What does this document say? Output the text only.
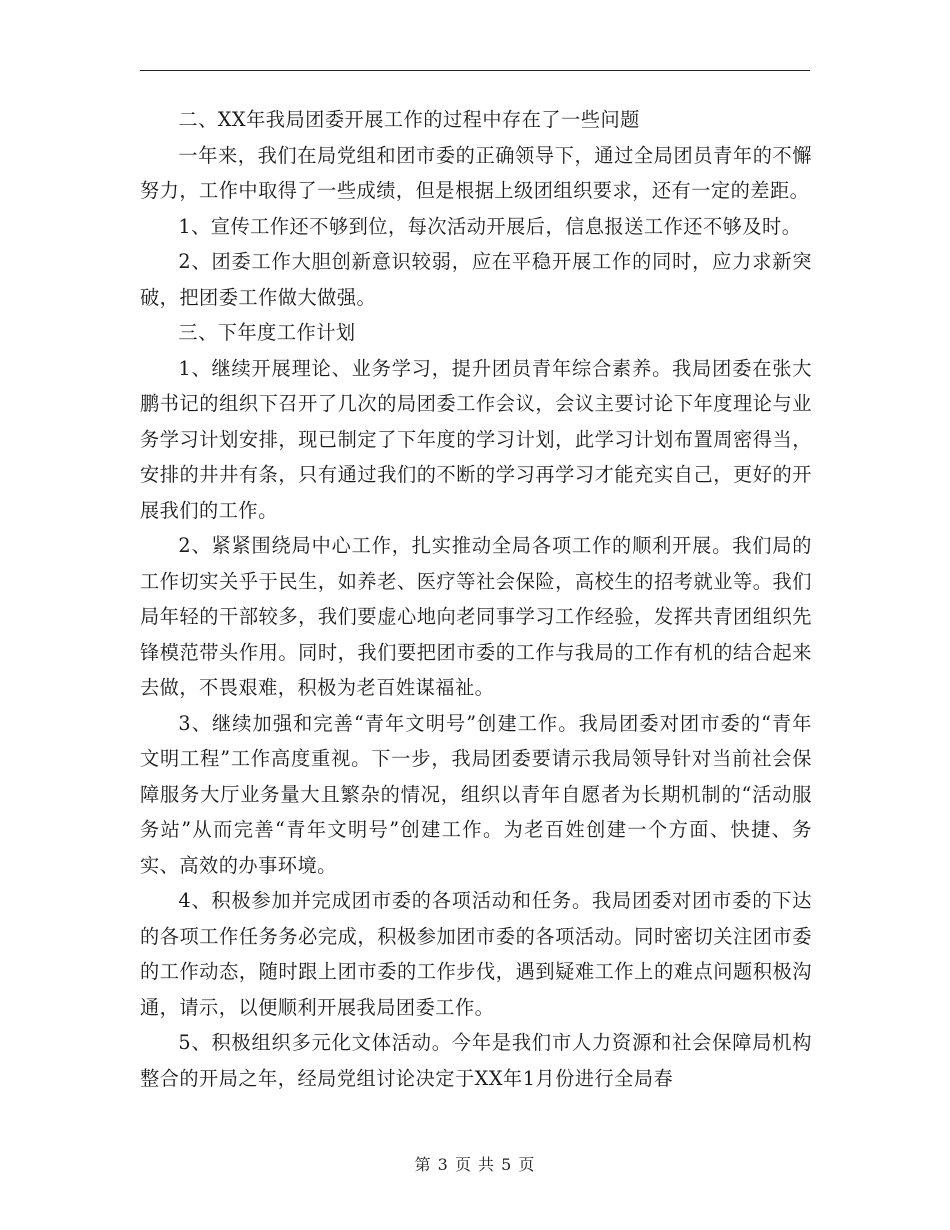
二、XX年我局团委开展工作的过程中存在了一些问题

一年来，我们在局党组和团市委的正确领导下，通过全局团员青年的不懈努力，工作中取得了一些成绩，但是根据上级团组织要求，还有一定的差距。

1、宣传工作还不够到位，每次活动开展后，信息报送工作还不够及时。

2、团委工作大胆创新意识较弱，应在平稳开展工作的同时，应力求新突破，把团委工作做大做强。

三、下年度工作计划

1、继续开展理论、业务学习，提升团员青年综合素养。我局团委在张大鹏书记的组织下召开了几次的局团委工作会议，会议主要讨论下年度理论与业务学习计划安排，现已制定了下年度的学习计划，此学习计划布置周密得当，安排的井井有条，只有通过我们的不断的学习再学习才能充实自己，更好的开展我们的工作。

2、紧紧围绕局中心工作，扎实推动全局各项工作的顺利开展。我们局的工作切实关乎于民生，如养老、医疗等社会保险，高校生的招考就业等。我们局年轻的干部较多，我们要虚心地向老同事学习工作经验，发挥共青团组织先锋模范带头作用。同时，我们要把团市委的工作与我局的工作有机的结合起来去做，不畏艰难，积极为老百姓谋福祉。

3、继续加强和完善“青年文明号”创建工作。我局团委对团市委的“青年文明工程”工作高度重视。下一步，我局团委要请示我局领导针对当前社会保障服务大厅业务量大且繁杂的情况，组织以青年自愿者为长期机制的“活动服务站”从而完善“青年文明号”创建工作。为老百姓创建一个方面、快捷、务实、高效的办事环境。

4、积极参加并完成团市委的各项活动和任务。我局团委对团市委的下达的各项工作任务务必完成，积极参加团市委的各项活动。同时密切关注团市委的工作动态，随时跟上团市委的工作步伐，遇到疑难工作上的难点问题积极沟通，请示，以便顺利开展我局团委工作。

5、积极组织多元化文体活动。今年是我们市人力资源和社会保障局机构整合的开局之年，经局党组讨论决定于XX年1月份进行全局春

第 3 页 共 5 页
